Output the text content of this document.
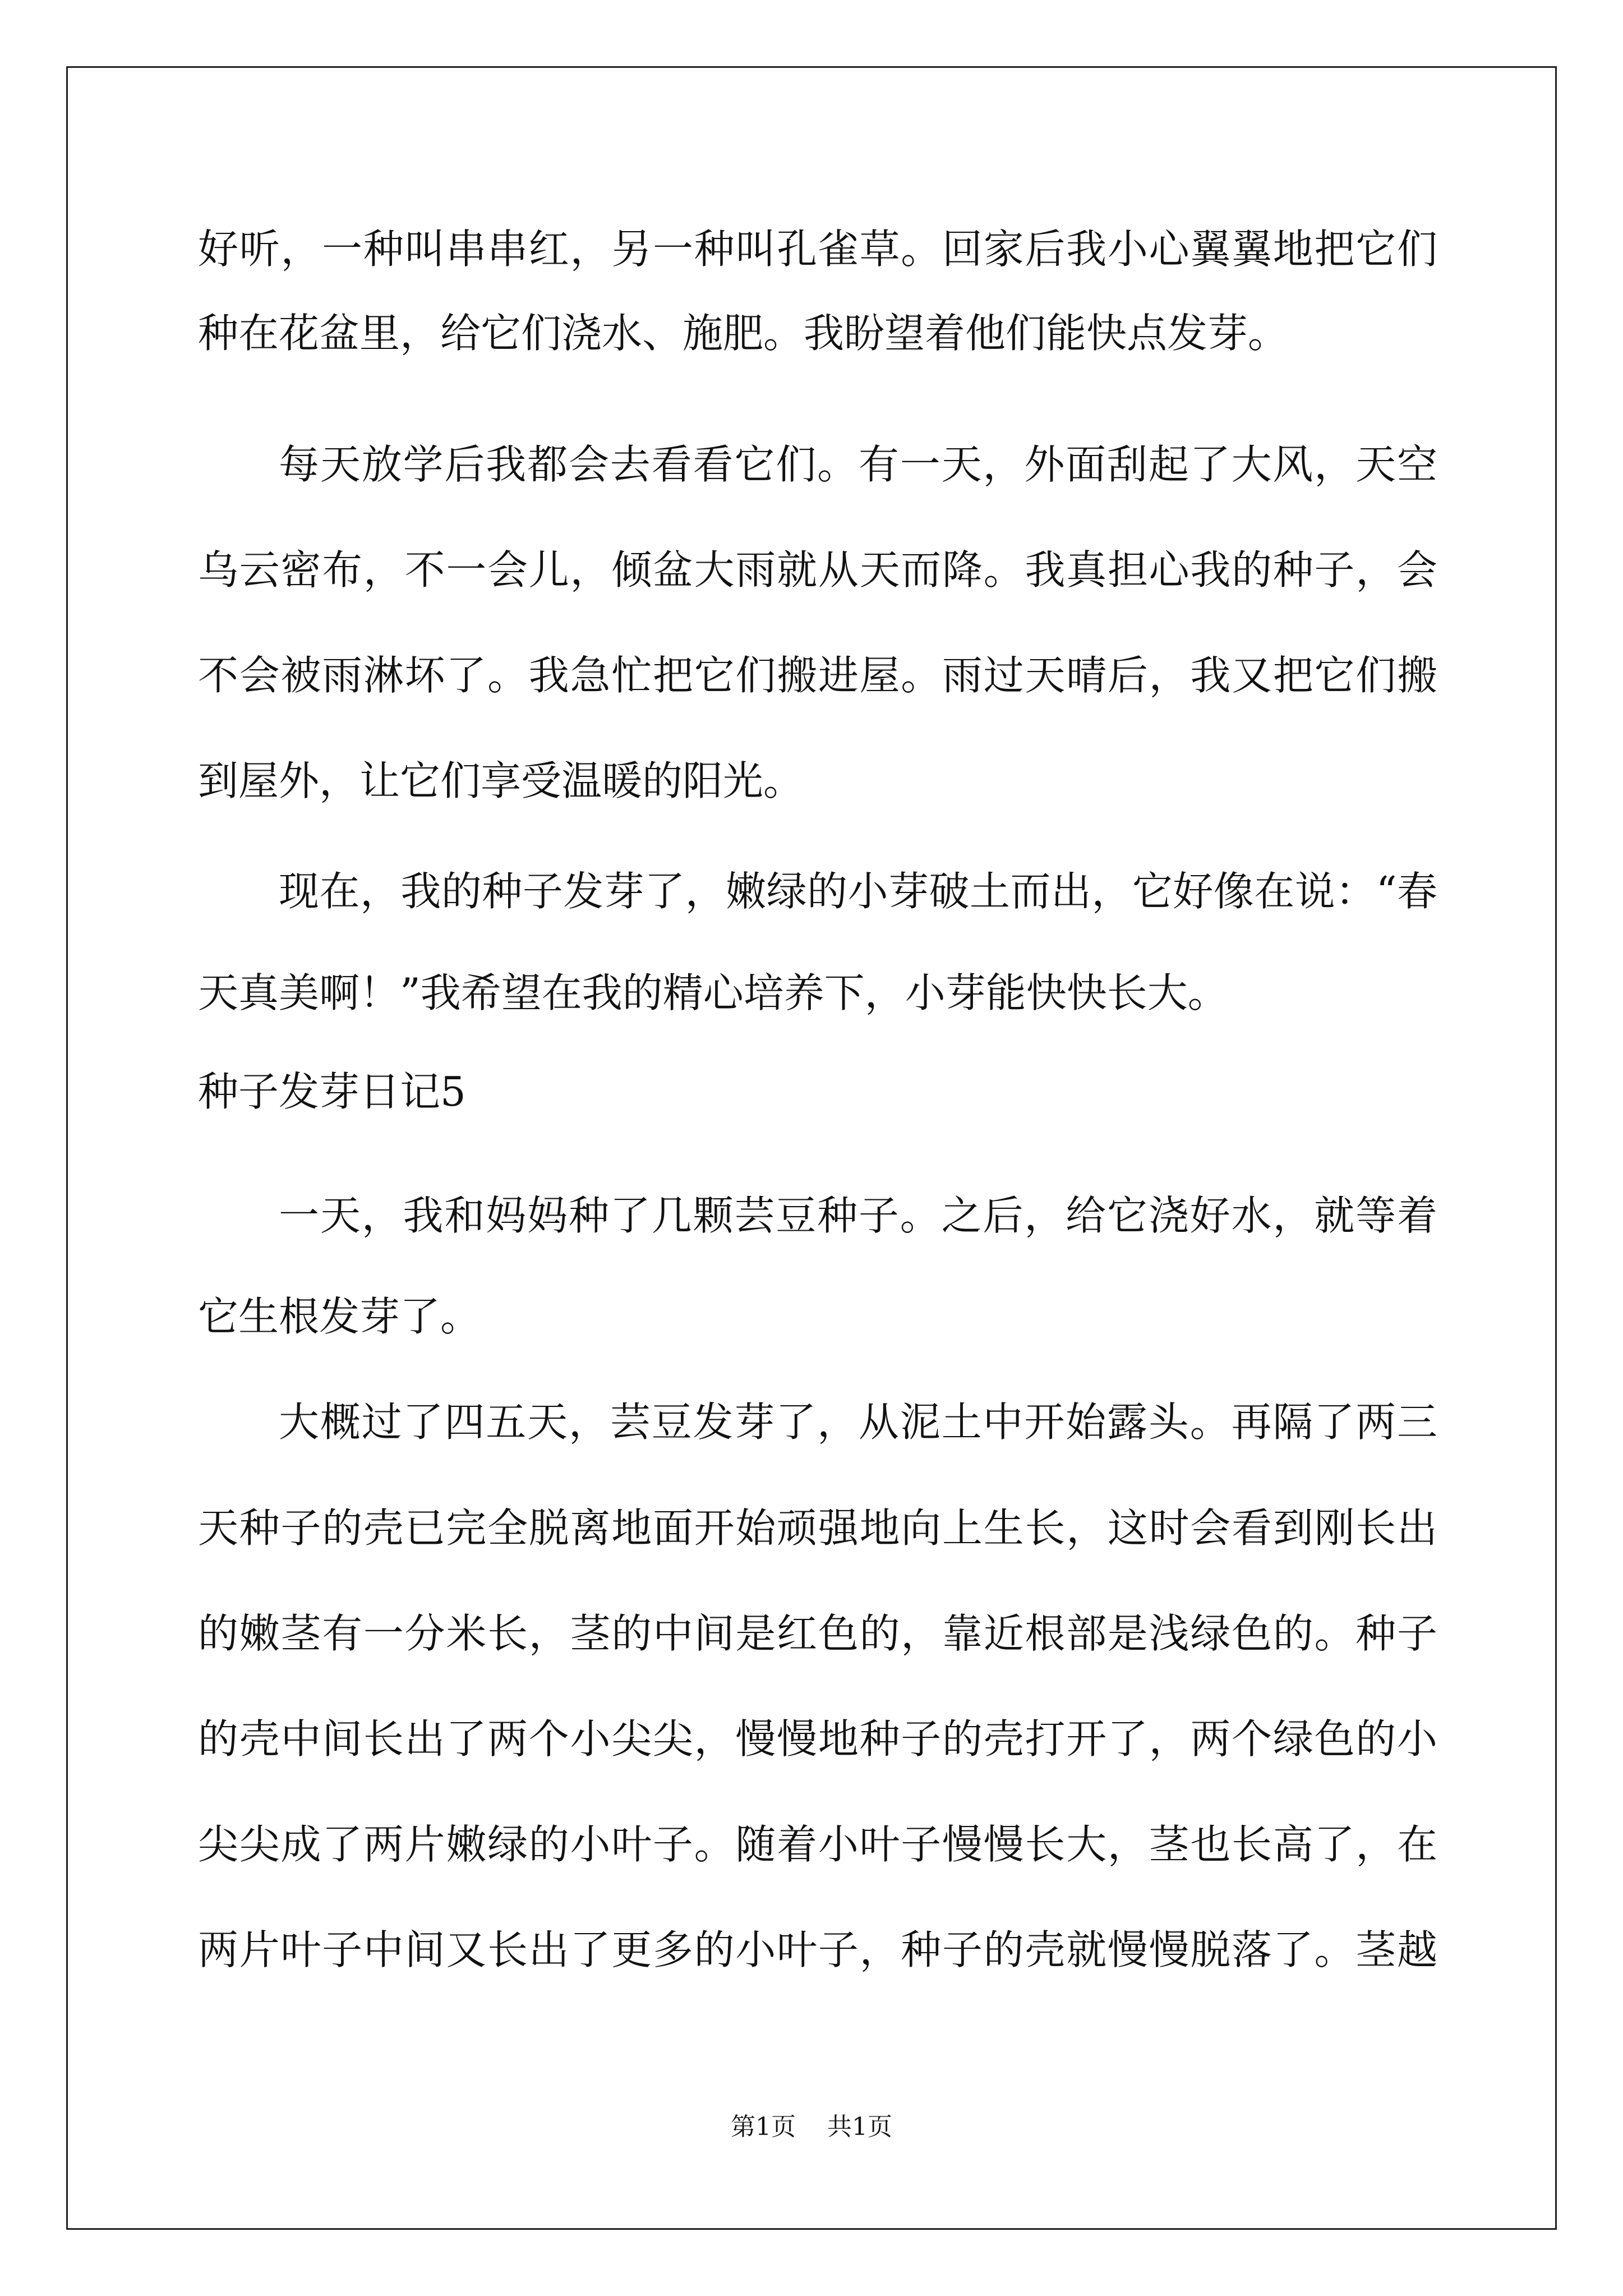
好听，一种叫串串红，另一种叫孔雀草。回家后我小心翼翼地把它们
种在花盆里，给它们浇水、施肥。我盼望着他们能快点发芽。
每天放学后我都会去看看它们。有一天，外面刮起了大风，天空
乌云密布，不一会儿，倾盆大雨就从天而降。我真担心我的种子，会
不会被雨淋坏了。我急忙把它们搬进屋。雨过天晴后，我又把它们搬
到屋外，让它们享受温暖的阳光。
现在，我的种子发芽了，嫩绿的小芽破土而出，它好像在说：“春
天真美啊！”我希望在我的精心培养下，小芽能快快长大。
种子发芽日记5
一天，我和妈妈种了几颗芸豆种子。之后，给它浇好水，就等着
它生根发芽了。
大概过了四五天，芸豆发芽了，从泥土中开始露头。再隔了两三
天种子的壳已完全脱离地面开始顽强地向上生长，这时会看到刚长出
的嫩茎有一分米长，茎的中间是红色的，靠近根部是浅绿色的。种子
的壳中间长出了两个小尖尖，慢慢地种子的壳打开了，两个绿色的小
尖尖成了两片嫩绿的小叶子。随着小叶子慢慢长大，茎也长高了，在
两片叶子中间又长出了更多的小叶子，种子的壳就慢慢脱落了。茎越
第1页    共1页
